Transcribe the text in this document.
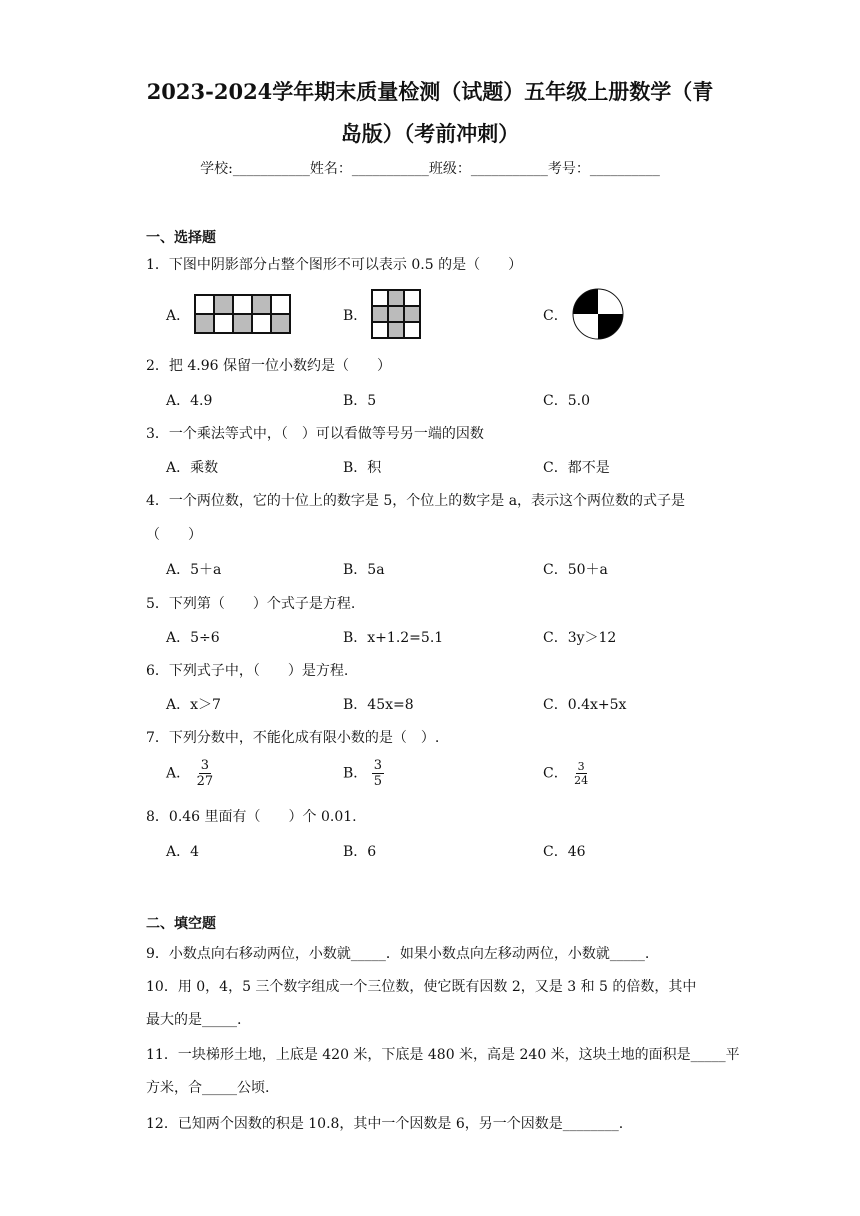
2023-2024学年期末质量检测（试题）五年级上册数学（青
岛版）（考前冲刺）
学校:___________姓名：___________班级：___________考号：__________
一、选择题
1．下图中阴影部分占整个图形不可以表示 0.5 的是（　　）
A．	B．	C．
2．把 4.96 保留一位小数约是（　　）
A．4.9	B．5	C．5.0
3．一个乘法等式中，（　）可以看做等号另一端的因数
A．乘数	B．积	C．都不是
4．一个两位数，它的十位上的数字是 5，个位上的数字是 a，表示这个两位数的式子是
（　　）
A．5＋a	B．5a	C．50＋a
5．下列第（　　）个式子是方程.
A．5÷6	B．x+1.2=5.1	C．3y＞12
6．下列式子中，（　　）是方程.
A．x＞7	B．45x=8	C．0.4x+5x
7．下列分数中，不能化成有限小数的是（　）.
A． $\frac{3}{27}$	B． $\frac{3}{5}$	C． $\frac{3}{24}$
8．0.46 里面有（　　）个 0.01.
A．4	B．6	C．46
二、填空题
9．小数点向右移动两位，小数就_____．如果小数点向左移动两位，小数就_____.
10．用 0，4，5 三个数字组成一个三位数，使它既有因数 2，又是 3 和 5 的倍数，其中
最大的是_____.
11．一块梯形土地，上底是 420 米，下底是 480 米，高是 240 米，这块土地的面积是_____平
方米，合_____公顷.
12．已知两个因数的积是 10.8，其中一个因数是 6，另一个因数是________.
